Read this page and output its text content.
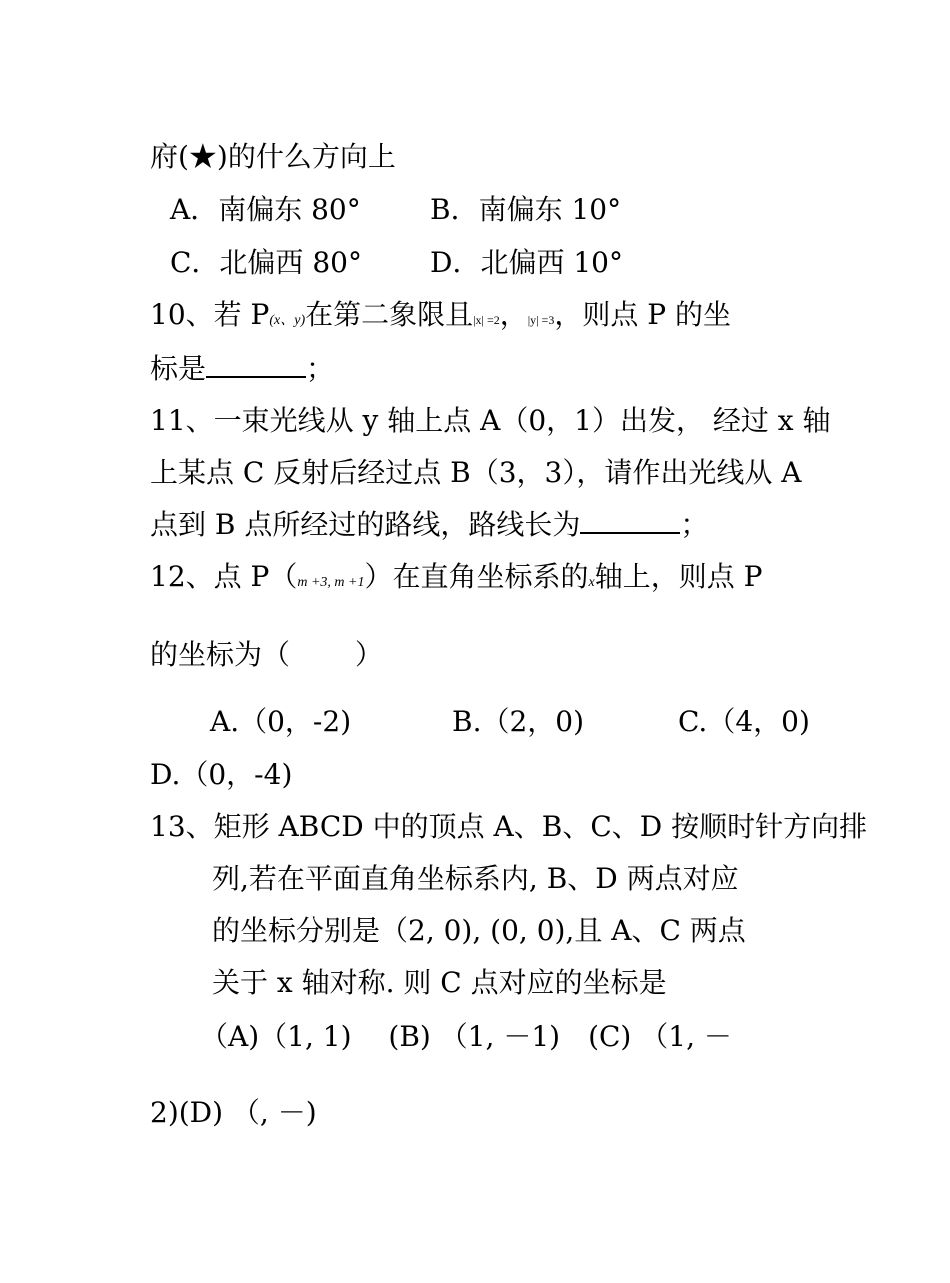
府(★)的什么方向上
A．南偏东 80° B．南偏东 10°
C．北偏西 80° D．北偏西 10°
10、若 P(x、y)在第二象限且|x| =2，|y| =3，则点 P 的坐
标是	；
11、一束光线从 y 轴上点 A（0，1）出发， 经过 x 轴
上某点 C 反射后经过点 B（3，3），请作出光线从 A
点到 B 点所经过的路线，路线长为	；
12、点 P（m +3, m +1）在直角坐标系的x轴上，则点 P
的坐标为（　　 ）
A.（0，-2)	B.（2，0)	C.（4，0)
D.（0，-4)
13、矩形 ABCD 中的顶点 A、B、C、D 按顺时针方向排
列,若在平面直角坐标系内, B、D 两点对应
的坐标分别是（2, 0), (0, 0),且 A、C 两点
关于 x 轴对称. 则 C 点对应的坐标是
（A)（1, 1)　 (B) （1, －1)　(C) （1, －
2)(D) （, －)
